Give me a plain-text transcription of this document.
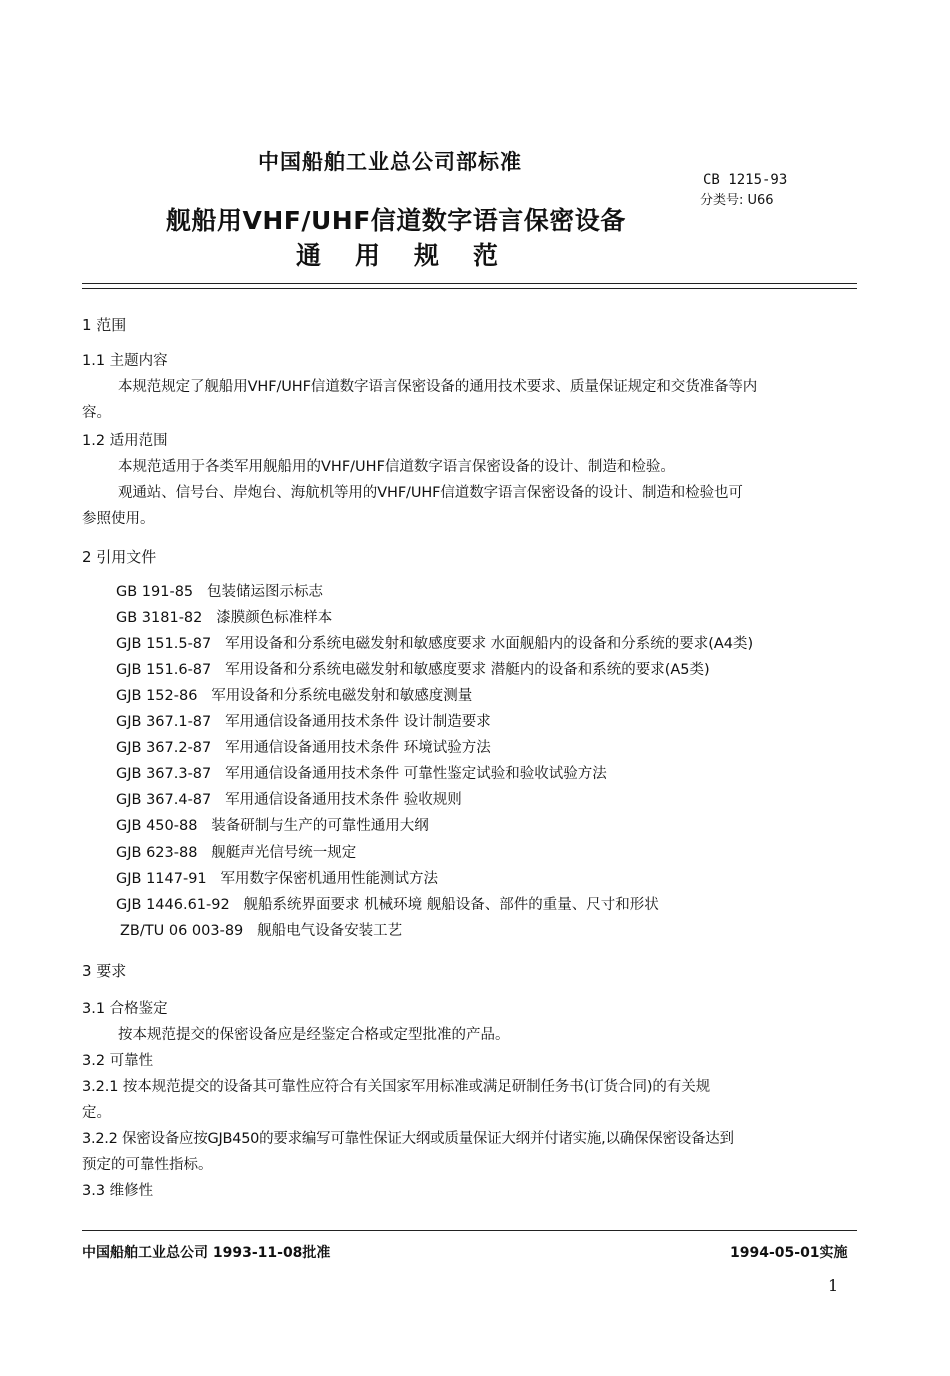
中国船舶工业总公司部标准
CB 1215-93
分类号: U66
舰船用VHF/UHF信道数字语言保密设备
通用规范
1 范围
1.1 主题内容
本规范规定了舰船用VHF/UHF信道数字语言保密设备的通用技术要求、质量保证规定和交货准备等内
容。
1.2 适用范围
本规范适用于各类军用舰船用的VHF/UHF信道数字语言保密设备的设计、制造和检验。
观通站、信号台、岸炮台、海航机等用的VHF/UHF信道数字语言保密设备的设计、制造和检验也可
参照使用。
2 引用文件
GB 191-85 包装储运图示标志
GB 3181-82 漆膜颜色标准样本
GJB 151.5-87 军用设备和分系统电磁发射和敏感度要求 水面舰船内的设备和分系统的要求(A4类)
GJB 151.6-87 军用设备和分系统电磁发射和敏感度要求 潜艇内的设备和系统的要求(A5类)
GJB 152-86 军用设备和分系统电磁发射和敏感度测量
GJB 367.1-87 军用通信设备通用技术条件 设计制造要求
GJB 367.2-87 军用通信设备通用技术条件 环境试验方法
GJB 367.3-87 军用通信设备通用技术条件 可靠性鉴定试验和验收试验方法
GJB 367.4-87 军用通信设备通用技术条件 验收规则
GJB 450-88 装备研制与生产的可靠性通用大纲
GJB 623-88 舰艇声光信号统一规定
GJB 1147-91 军用数字保密机通用性能测试方法
GJB 1446.61-92 舰船系统界面要求 机械环境 舰船设备、部件的重量、尺寸和形状
ZB/TU 06 003-89 舰船电气设备安装工艺
3 要求
3.1 合格鉴定
按本规范提交的保密设备应是经鉴定合格或定型批准的产品。
3.2 可靠性
3.2.1 按本规范提交的设备其可靠性应符合有关国家军用标准或满足研制任务书(订货合同)的有关规
定。
3.2.2 保密设备应按GJB450的要求编写可靠性保证大纲或质量保证大纲并付诸实施,以确保保密设备达到
预定的可靠性指标。
3.3 维修性
中国船舶工业总公司 1993-11-08批准	1994-05-01实施
1
